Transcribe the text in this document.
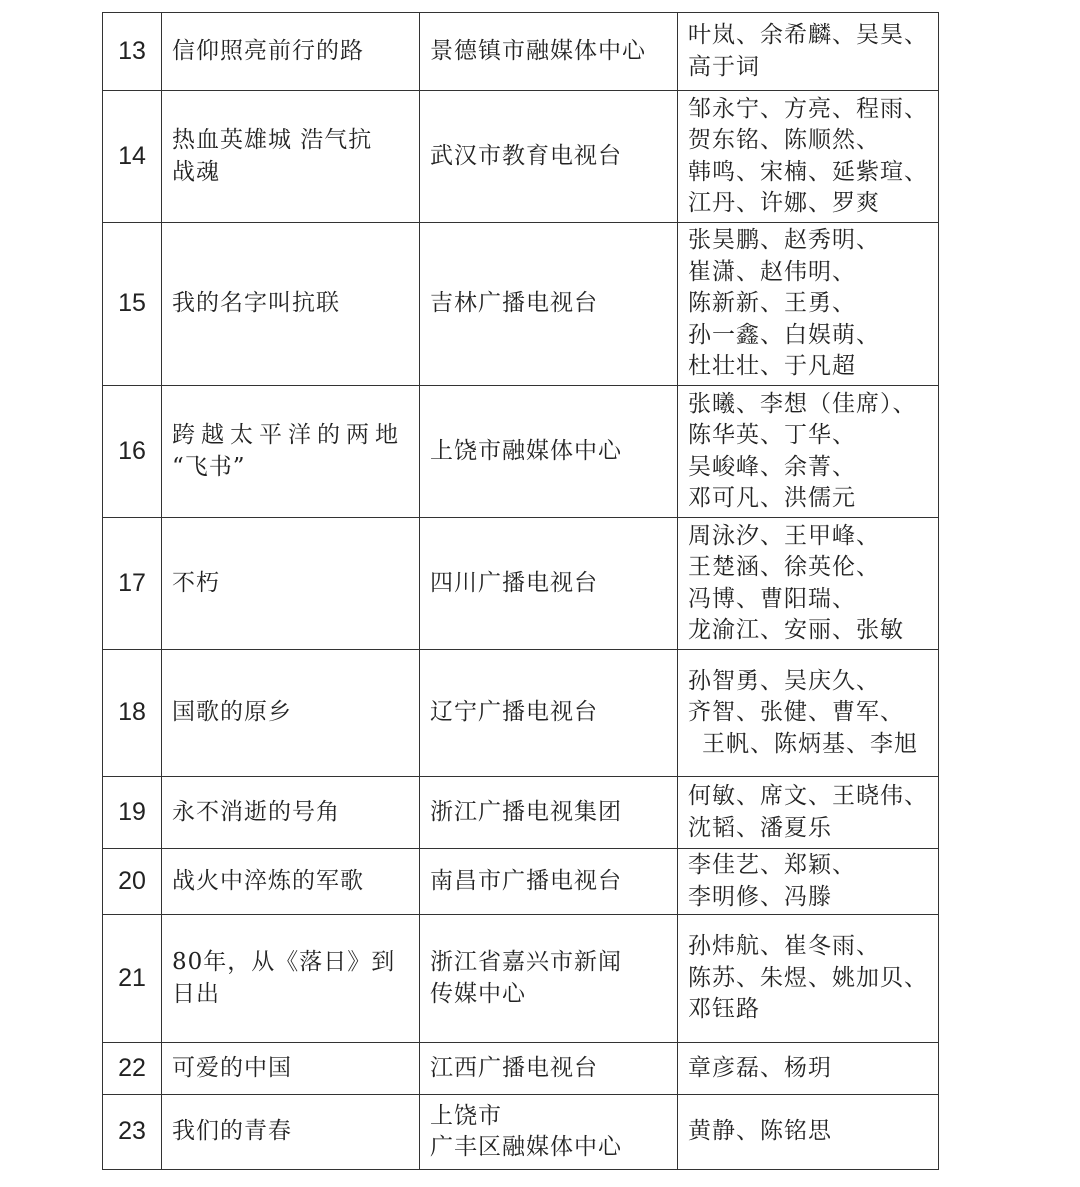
13	信仰照亮前行的路	景德镇市融媒体中心	叶岚、余希麟、吴昊、
高于词

14	热血英雄城 浩气抗
战魂	武汉市教育电视台	邹永宁、方亮、程雨、
贺东铭、陈顺然、
韩鸣、宋楠、延紫瑄、
江丹、许娜、罗爽

15	我的名字叫抗联	吉林广播电视台	张昊鹏、赵秀明、
崔潇、赵伟明、
陈新新、王勇、
孙一鑫、白娱萌、
杜壮壮、于凡超

16	跨越太平洋的两地
“飞书”	上饶市融媒体中心	张曦、李想（佳席）、
陈华英、丁华、
吴峻峰、余菁、
邓可凡、洪儒元

17	不朽	四川广播电视台	周泳汐、王甲峰、
王楚涵、徐英伦、
冯博、曹阳瑞、
龙渝江、安丽、张敏

18	国歌的原乡	辽宁广播电视台	孙智勇、吴庆久、
齐智、张健、曹军、
王帆、陈炳基、李旭

19	永不消逝的号角	浙江广播电视集团	何敏、席文、王晓伟、
沈韬、潘夏乐

20	战火中淬炼的军歌	南昌市广播电视台	李佳艺、郑颖、
李明修、冯滕

21	80年，从《落日》到
日出	浙江省嘉兴市新闻
传媒中心	孙炜航、崔冬雨、
陈苏、朱煜、姚加贝、
邓钰路

22	可爱的中国	江西广播电视台	章彦磊、杨玥

23	我们的青春	上饶市
广丰区融媒体中心	黄静、陈铭思
